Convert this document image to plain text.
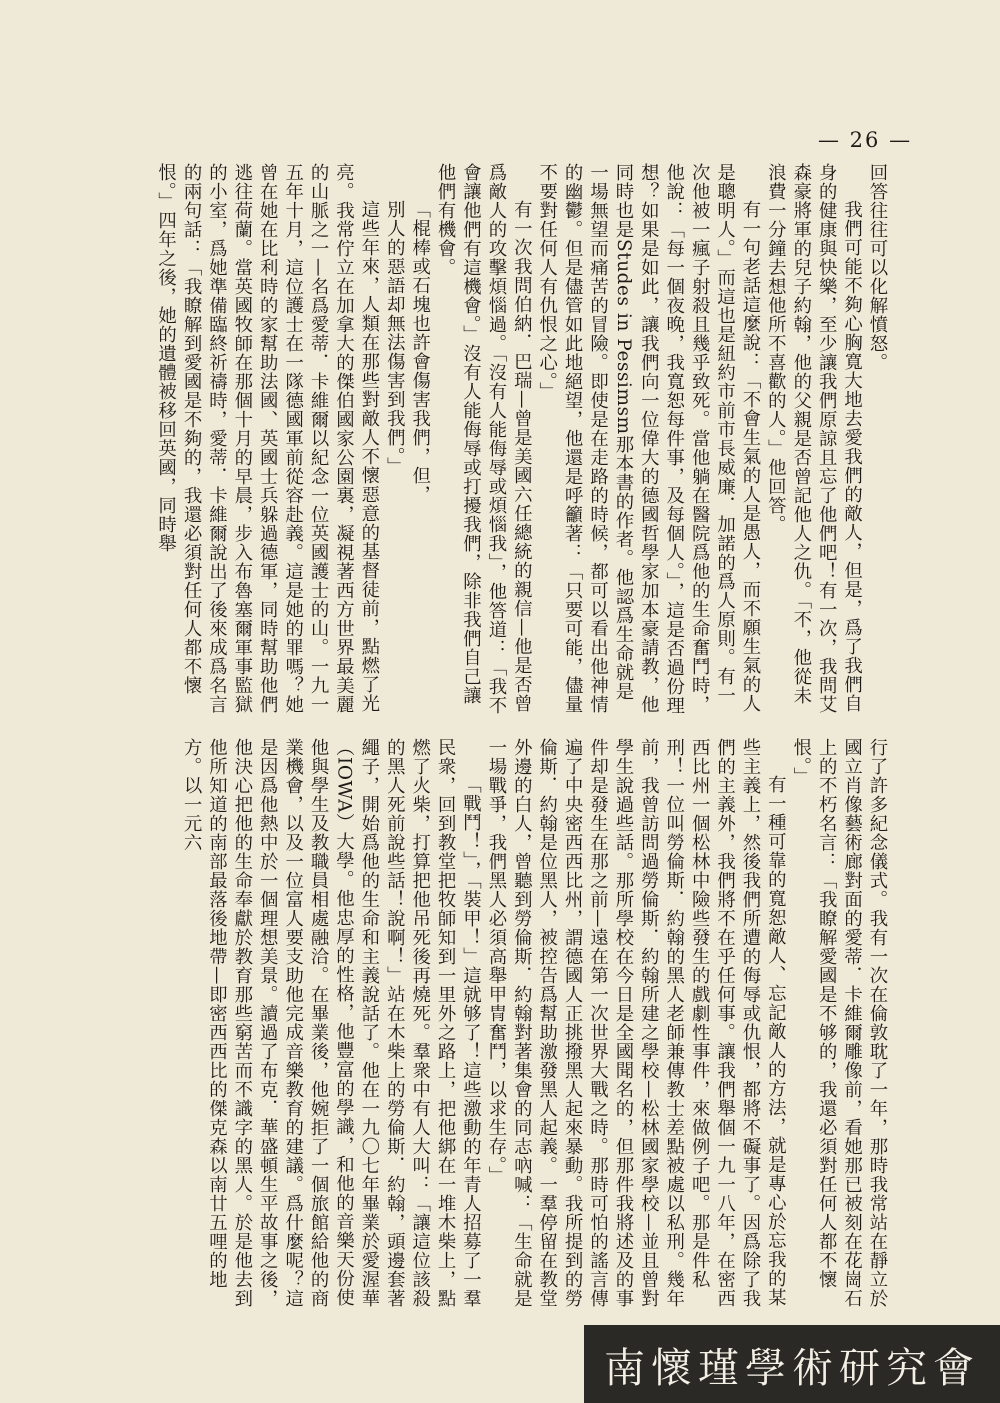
— 26 —

回答往往可以化解憤怒。

我們可能不夠心胸寬大地去愛我們的敵人，但是，爲了我們自身的健康與快樂，至少讓我們原諒且忘了他們吧！有一次，我問艾森豪將軍的兒子約翰，他的父親是否曾記他人之仇。「不，他從未浪費一分鐘去想他所不喜歡的人。」他回答。

有一句老話這麼說：「不會生氣的人是愚人，而不願生氣的人是聰明人。」而這也是紐約市前市長威廉．加諾的爲人原則。有一次他被一瘋子射殺且幾乎致死。當他躺在醫院爲他的生命奮鬥時，他說：「每一個夜晚，我寬恕每件事，及每個人。」，這是否過份理想？如果是如此，讓我們向一位偉大的德國哲學家加本豪請教，他同時也是Studes in Pessimsm那本書的作者。他認爲生命就是一場無望而痛苦的冒險。即使是在走路的時候，都可以看出他神情的幽鬱。但是儘管如此地絕望，他還是呼籲著：「只要可能，儘量不要對任何人有仇恨之心。」

有一次我問伯納．巴瑞—曾是美國六任總統的親信—他是否曾爲敵人的攻擊煩惱過。「沒有人能侮辱或煩惱我」，他答道：「我不會讓他們有這機會。」沒有人能侮辱或打擾我們，除非我們自己讓他們有機會。

「棍棒或石塊也許會傷害我們，但，

別人的惡語却無法傷害到我們。」

這些年來，人類在那些對敵人不懷惡意的基督徒前，點燃了光亮。我常佇立在加拿大的傑伯國家公園裏，凝視著西方世界最美麗的山脈之一—名爲愛蒂．卡維爾以紀念一位英國護士的山。一九一五年十月，這位護士在一隊德國軍前從容赴義。這是她的罪嗎？她曾在她在比利時的家幫助法國、英國士兵躲過德軍，同時幫助他們逃往荷蘭。當英國牧師在那個十月的早晨，步入布魯塞爾軍事監獄的小室，爲她準備臨終祈禱時，愛蒂．卡維爾說出了後來成爲名言的兩句話：「我瞭解到愛國是不夠的，我還必須對任何人都不懷恨。」四年之後，她的遺體被移回英國，同時舉

行了許多紀念儀式。我有一次在倫敦耽了一年，那時我常站在靜立於國立肖像藝術廊對面的愛蒂．卡維爾雕像前，看她那已被刻在花崗石上的不朽名言：「我瞭解愛國是不够的，我還必須對任何人都不懷恨。」

有一種可靠的寬恕敵人、忘記敵人的方法，就是專心於忘我的某些主義上，然後我們所遭的侮辱或仇恨，都將不礙事了。因爲除了我們的主義外，我們將不在乎任何事。讓我們舉個一九一八年，在密西西比州一個松林中險些發生的戲劇性事件，來做例子吧。那是件私刑！一位叫勞倫斯．約翰的黑人老師兼傳教士差點被處以私刑。幾年前，我曾訪問過勞倫斯．約翰所建之學校—松林國家學校—並且曾對學生說過些話。那所學校在今日是全國聞名的，但那件我將述及的事件却是發生在那之前—遠在第一次世界大戰之時。那時可怕的謠言傳遍了中央密西西比州，謂德國人正挑撥黑人起來暴動。我所提到的勞倫斯．約翰是位黑人，被控告爲幫助激發黑人起義。一羣停留在教堂外邊的白人，曾聽到勞倫斯．約翰對著集會的同志吶喊：「生命就是一場戰爭，我們黑人必須高舉甲冑奮鬥，以求生存。」

「戰鬥！」，「裝甲！」這就够了！這些激動的年青人招募了一羣民衆，回到教堂把牧師知到一里外之路上，把他綁在一堆木柴上，點燃了火柴，打算把他吊死後再燒死。羣衆中有人大叫：「讓這位該殺的黑人死前說些話！說啊！」站在木柴上的勞倫斯．約翰，頭邊套著繩子，開始爲他的生命和主義說話了。他在一九〇七年畢業於愛渥華（IOWA）大學。他忠厚的性格，他豐富的學識，和他的音樂天份使他與學生及教職員相處融洽。在畢業後，他婉拒了一個旅館給他的商業機會，以及一位富人要支助他完成音樂教育的建議。爲什麼呢？這是因爲他熱中於一個理想美景。讀過了布克．華盛頓生平故事之後，他決心把他的生命奉獻於教育那些窮苦而不識字的黑人。於是他去到他所知道的南部最落後地帶—即密西西比的傑克森以南廿五哩的地方。以一元六

南懷瑾學術研究會
